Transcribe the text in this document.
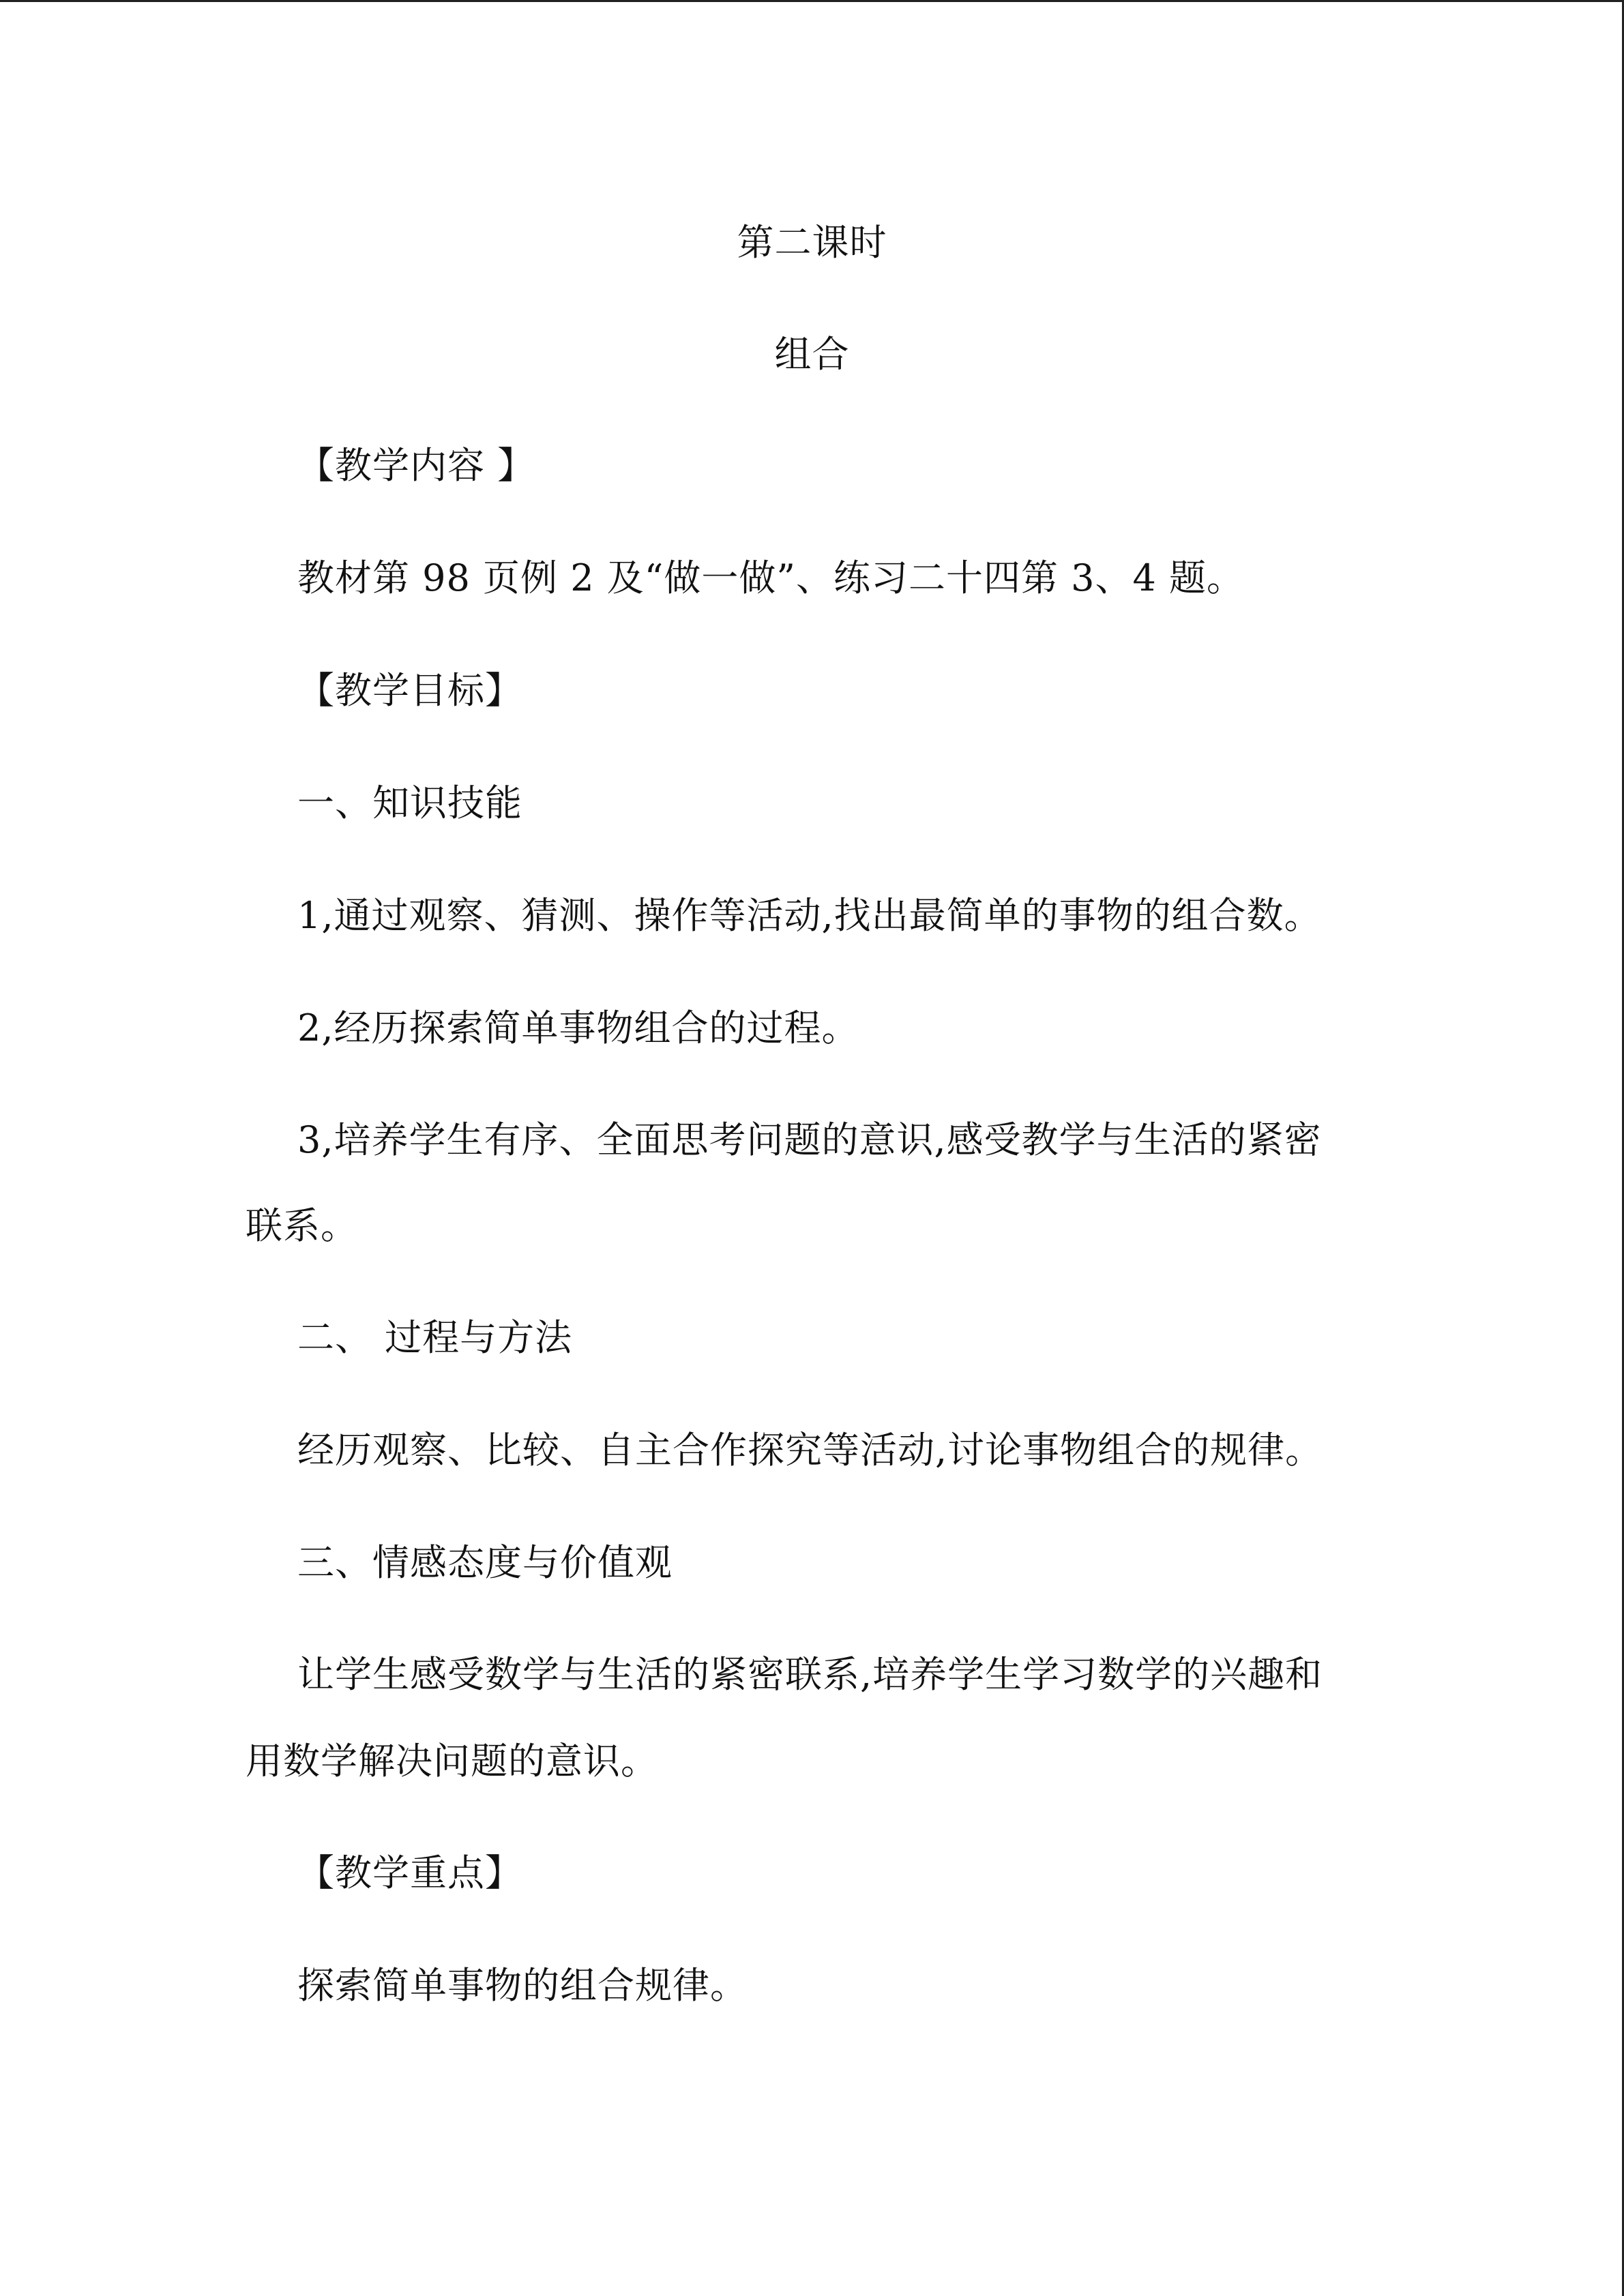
第二课时
组合
【教学内容 】
教材第 98 页例 2 及“做一做”、练习二十四第 3、4 题。
【教学目标】
一、知识技能
1,通过观察、猜测、操作等活动,找出最简单的事物的组合数。
2,经历探索简单事物组合的过程。
3,培养学生有序、全面思考问题的意识,感受教学与生活的紧密
联系。
二、 过程与方法
经历观察、比较、自主合作探究等活动,讨论事物组合的规律。
三、情感态度与价值观
让学生感受数学与生活的紧密联系,培养学生学习数学的兴趣和
用数学解决问题的意识。
【教学重点】
探索简单事物的组合规律。
